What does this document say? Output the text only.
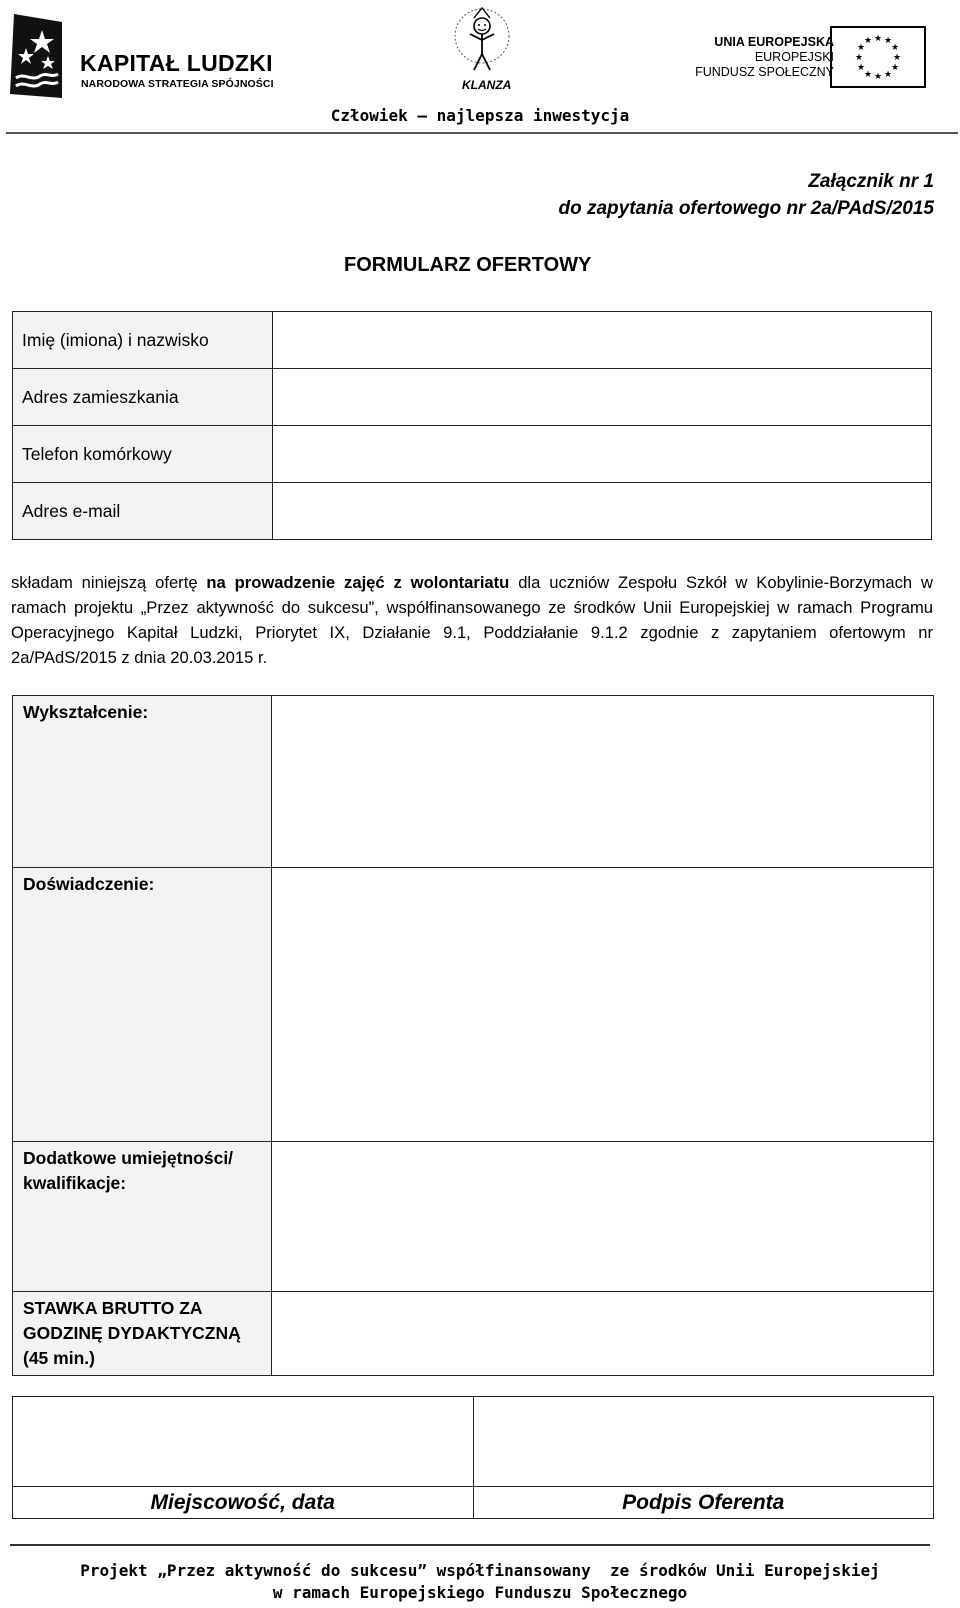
KAPITAŁ LUDZKI
NARODOWA STRATEGIA SPÓJNOŚCI	KLANZA
UNIA EUROPEJSKA
EUROPEJSKI
FUNDUSZ SPOŁECZNY
★ ★
★
★
★
★
★
★
★
★
★
★
Człowiek – najlepsza inwestycja
Załącznik nr 1
do zapytania ofertowego nr 2a/PAdS/2015
FORMULARZ OFERTOWY
Imię (imiona) i nazwisko	
Adres zamieszkania	
Telefon komórkowy	
Adres e-mail	
składam niniejszą ofertę na prowadzenie zajęć z wolontariatu dla uczniów Zespołu Szkół w Kobylinie-Borzymach w ramach projektu „Przez aktywność do sukcesu”, współfinansowanego ze środków Unii Europejskiej w ramach Programu Operacyjnego Kapitał Ludzki, Priorytet IX, Działanie 9.1, Poddziałanie 9.1.2 zgodnie z zapytaniem ofertowym nr 2a/PAdS/2015 z dnia 20.03.2015 r.
Wykształcenie:	
Doświadczenie:	
Dodatkowe umiejętności/ kwalifikacje:	
STAWKA BRUTTO ZA GODZINĘ DYDAKTYCZNĄ (45 min.)	

Miejscowość, data	Podpis Oferenta
Projekt „Przez aktywność do sukcesu” współfinansowany  ze środków Unii Europejskiej
w ramach Europejskiego Funduszu Społecznego
